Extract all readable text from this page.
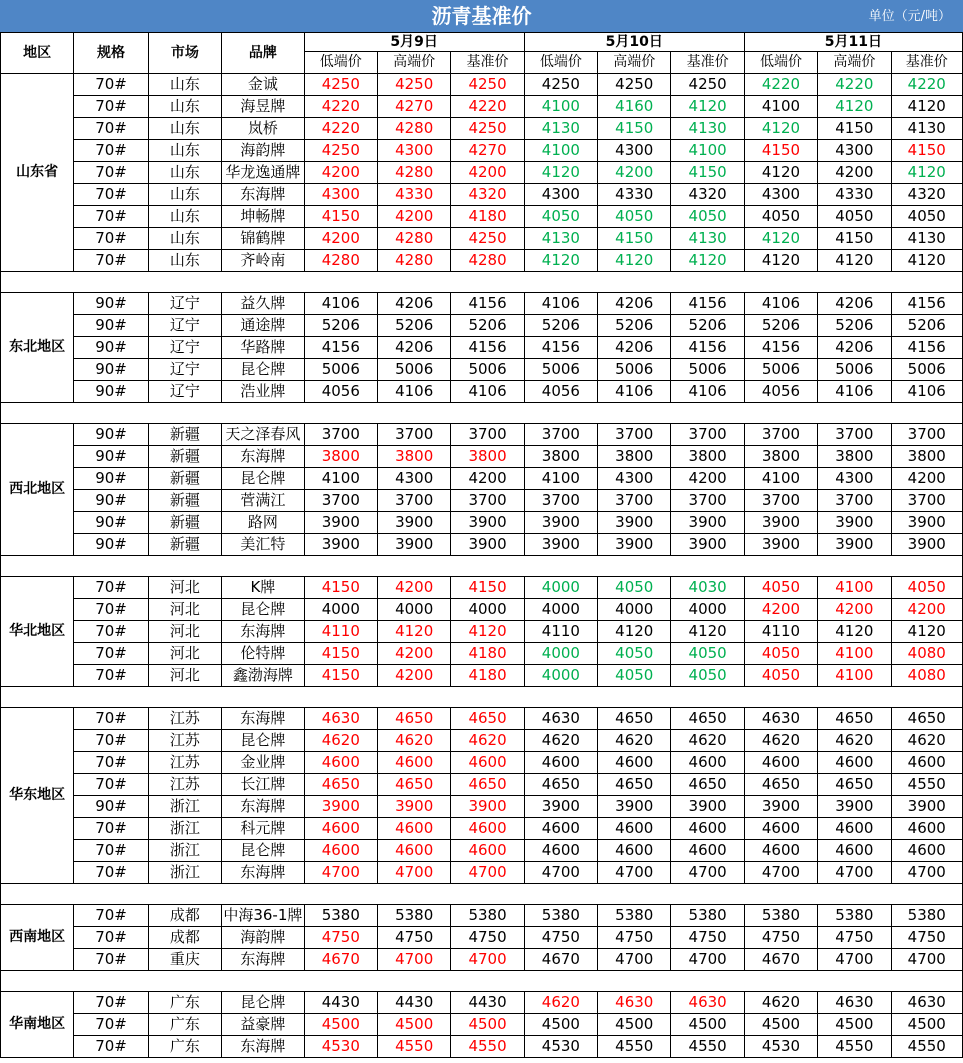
沥青基准价	单位（元/吨）
地区	规格	市场	品牌	5月9日			5月10日			5月11日		
				低端价	高端价	基准价	低端价	高端价	基准价	低端价	高端价	基准价
山东省	70#	山东	金诚	4250	4250	4250	4250	4250	4250	4220	4220	4220
	70#	山东	海昱牌	4220	4270	4220	4100	4160	4120	4100	4120	4120
	70#	山东	岚桥	4220	4280	4250	4130	4150	4130	4120	4150	4130
	70#	山东	海韵牌	4250	4300	4270	4100	4300	4100	4150	4300	4150
	70#	山东	华龙逸通牌	4200	4280	4200	4120	4200	4150	4120	4200	4120
	70#	山东	东海牌	4300	4330	4320	4300	4330	4320	4300	4330	4320
	70#	山东	坤畅牌	4150	4200	4180	4050	4050	4050	4050	4050	4050
	70#	山东	锦鹤牌	4200	4280	4250	4130	4150	4130	4120	4150	4130
	70#	山东	齐岭南	4280	4280	4280	4120	4120	4120	4120	4120	4120

东北地区	90#	辽宁	益久牌	4106	4206	4156	4106	4206	4156	4106	4206	4156
	90#	辽宁	通途牌	5206	5206	5206	5206	5206	5206	5206	5206	5206
	90#	辽宁	华路牌	4156	4206	4156	4156	4206	4156	4156	4206	4156
	90#	辽宁	昆仑牌	5006	5006	5006	5006	5006	5006	5006	5006	5006
	90#	辽宁	浩业牌	4056	4106	4106	4056	4106	4106	4056	4106	4106

西北地区	90#	新疆	天之泽春风	3700	3700	3700	3700	3700	3700	3700	3700	3700
	90#	新疆	东海牌	3800	3800	3800	3800	3800	3800	3800	3800	3800
	90#	新疆	昆仑牌	4100	4300	4200	4100	4300	4200	4100	4300	4200
	90#	新疆	菅满江	3700	3700	3700	3700	3700	3700	3700	3700	3700
	90#	新疆	路网	3900	3900	3900	3900	3900	3900	3900	3900	3900
	90#	新疆	美汇特	3900	3900	3900	3900	3900	3900	3900	3900	3900

华北地区	70#	河北	K牌	4150	4200	4150	4000	4050	4030	4050	4100	4050
	70#	河北	昆仑牌	4000	4000	4000	4000	4000	4000	4200	4200	4200
	70#	河北	东海牌	4110	4120	4120	4110	4120	4120	4110	4120	4120
	70#	河北	伦特牌	4150	4200	4180	4000	4050	4050	4050	4100	4080
	70#	河北	鑫渤海牌	4150	4200	4180	4000	4050	4050	4050	4100	4080

华东地区	70#	江苏	东海牌	4630	4650	4650	4630	4650	4650	4630	4650	4650
	70#	江苏	昆仑牌	4620	4620	4620	4620	4620	4620	4620	4620	4620
	70#	江苏	金业牌	4600	4600	4600	4600	4600	4600	4600	4600	4600
	70#	江苏	长江牌	4650	4650	4650	4650	4650	4650	4650	4650	4550
	90#	浙江	东海牌	3900	3900	3900	3900	3900	3900	3900	3900	3900
	70#	浙江	科元牌	4600	4600	4600	4600	4600	4600	4600	4600	4600
	70#	浙江	昆仑牌	4600	4600	4600	4600	4600	4600	4600	4600	4600
	70#	浙江	东海牌	4700	4700	4700	4700	4700	4700	4700	4700	4700

西南地区	70#	成都	中海36-1牌	5380	5380	5380	5380	5380	5380	5380	5380	5380
	70#	成都	海韵牌	4750	4750	4750	4750	4750	4750	4750	4750	4750
	70#	重庆	东海牌	4670	4700	4700	4670	4700	4700	4670	4700	4700

华南地区	70#	广东	昆仑牌	4430	4430	4430	4620	4630	4630	4620	4630	4630
	70#	广东	益豪牌	4500	4500	4500	4500	4500	4500	4500	4500	4500
	70#	广东	东海牌	4530	4550	4550	4530	4550	4550	4530	4550	4550
